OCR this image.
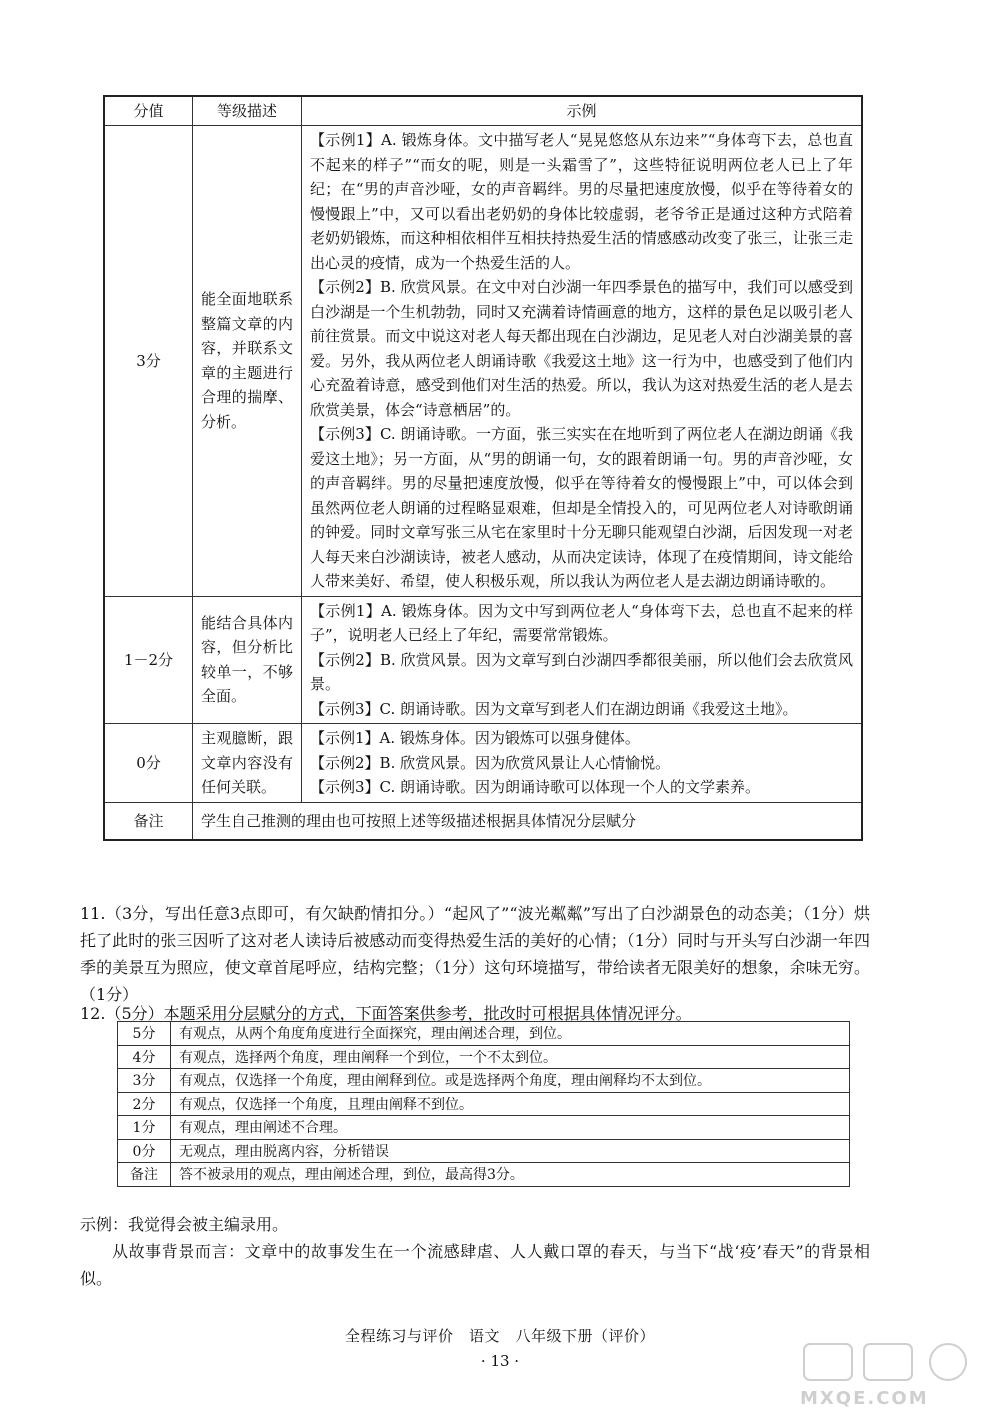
分值	等级描述	示例
3分	能全面地联系整篇文章的内容，并联系文章的主题进行合理的揣摩、分析。	【示例1】A. 锻炼身体。文中描写老人“晃晃悠悠从东边来”“身体弯下去，总也直不起来的样子”“而女的呢，则是一头霜雪了”，这些特征说明两位老人已上了年纪；在“男的声音沙哑，女的声音羁绊。男的尽量把速度放慢，似乎在等待着女的慢慢跟上”中，又可以看出老奶奶的身体比较虚弱，老爷爷正是通过这种方式陪着老奶奶锻炼，而这种相依相伴互相扶持热爱生活的情感感动改变了张三，让张三走出心灵的疫情，成为一个热爱生活的人。
【示例2】B. 欣赏风景。在文中对白沙湖一年四季景色的描写中，我们可以感受到白沙湖是一个生机勃勃，同时又充满着诗情画意的地方，这样的景色足以吸引老人前往赏景。而文中说这对老人每天都出现在白沙湖边，足见老人对白沙湖美景的喜爱。另外，我从两位老人朗诵诗歌《我爱这土地》这一行为中，也感受到了他们内心充盈着诗意，感受到他们对生活的热爱。所以，我认为这对热爱生活的老人是去欣赏美景，体会“诗意栖居”的。
【示例3】C. 朗诵诗歌。一方面，张三实实在在地听到了两位老人在湖边朗诵《我爱这土地》；另一方面，从“男的朗诵一句，女的跟着朗诵一句。男的声音沙哑，女的声音羁绊。男的尽量把速度放慢，似乎在等待着女的慢慢跟上”中，可以体会到虽然两位老人朗诵的过程略显艰难，但却是全情投入的，可见两位老人对诗歌朗诵的钟爱。同时文章写张三从宅在家里时十分无聊只能观望白沙湖，后因发现一对老人每天来白沙湖读诗，被老人感动，从而决定读诗，体现了在疫情期间，诗文能给人带来美好、希望，使人积极乐观，所以我认为两位老人是去湖边朗诵诗歌的。

1－2分	能结合具体内容，但分析比较单一，不够全面。	【示例1】A. 锻炼身体。因为文中写到两位老人“身体弯下去，总也直不起来的样子”，说明老人已经上了年纪，需要常常锻炼。
【示例2】B. 欣赏风景。因为文章写到白沙湖四季都很美丽，所以他们会去欣赏风景。
【示例3】C. 朗诵诗歌。因为文章写到老人们在湖边朗诵《我爱这土地》。

0分	主观臆断，跟文章内容没有任何关联。	【示例1】A. 锻炼身体。因为锻炼可以强身健体。
【示例2】B. 欣赏风景。因为欣赏风景让人心情愉悦。
【示例3】C. 朗诵诗歌。因为朗诵诗歌可以体现一个人的文学素养。

备注	学生自己推测的理由也可按照上述等级描述根据具体情况分层赋分	
11.（3分，写出任意3点即可，有欠缺酌情扣分。）“起风了”“波光粼粼”写出了白沙湖景色的动态美；（1分）烘托了此时的张三因听了这对老人读诗后被感动而变得热爱生活的美好的心情；（1分）同时与开头写白沙湖一年四季的美景互为照应，使文章首尾呼应，结构完整；（1分）这句环境描写，带给读者无限美好的想象，余味无穷。（1分）
12.（5分）本题采用分层赋分的方式，下面答案供参考，批改时可根据具体情况评分。
5分	有观点，从两个角度角度进行全面探究，理由阐述合理，到位。
4分	有观点，选择两个角度，理由阐释一个到位，一个不太到位。
3分	有观点，仅选择一个角度，理由阐释到位。或是选择两个角度，理由阐释均不太到位。
2分	有观点，仅选择一个角度，且理由阐释不到位。
1分	有观点，理由阐述不合理。
0分	无观点，理由脱离内容，分析错误
备注	答不被录用的观点，理由阐述合理，到位，最高得3分。
示例：我觉得会被主编录用。
从故事背景而言：文章中的故事发生在一个流感肆虐、人人戴口罩的春天，与当下“战‘疫’春天”的背景相似。
全程练习与评价　语文　八年级下册（评价）
· 13 ·
MXQE.COM
